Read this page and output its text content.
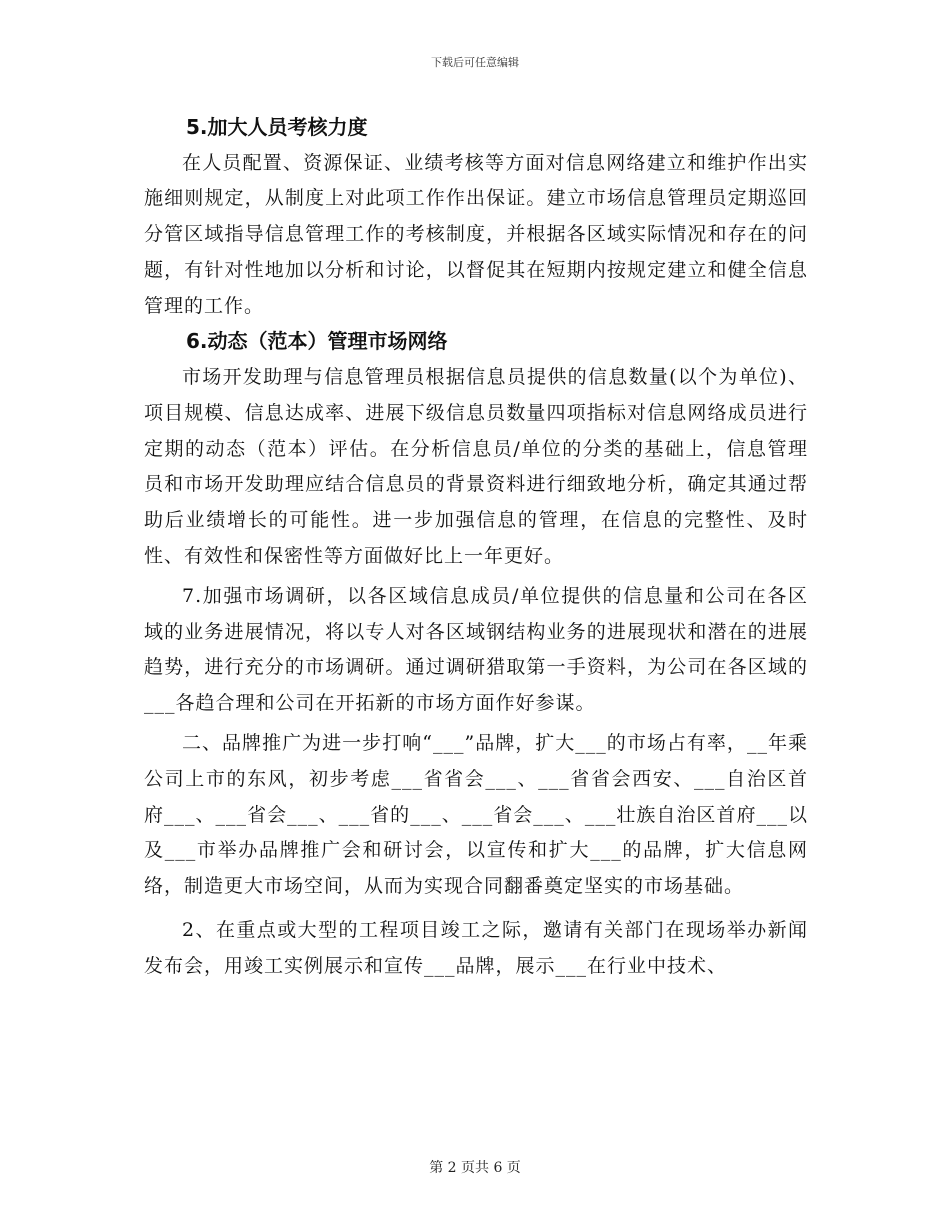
下载后可任意编辑

5.加大人员考核力度

在人员配置、资源保证、业绩考核等方面对信息网络建立和维护作出实施细则规定，从制度上对此项工作作出保证。建立市场信息管理员定期巡回分管区域指导信息管理工作的考核制度，并根据各区域实际情况和存在的问题，有针对性地加以分析和讨论，以督促其在短期内按规定建立和健全信息管理的工作。

6.动态（范本）管理市场网络

市场开发助理与信息管理员根据信息员提供的信息数量(以个为单位)、项目规模、信息达成率、进展下级信息员数量四项指标对信息网络成员进行定期的动态（范本）评估。在分析信息员/单位的分类的基础上，信息管理员和市场开发助理应结合信息员的背景资料进行细致地分析，确定其通过帮助后业绩增长的可能性。进一步加强信息的管理，在信息的完整性、及时性、有效性和保密性等方面做好比上一年更好。

7.加强市场调研，以各区域信息成员/单位提供的信息量和公司在各区域的业务进展情况，将以专人对各区域钢结构业务的进展现状和潜在的进展趋势，进行充分的市场调研。通过调研猎取第一手资料，为公司在各区域的___各趋合理和公司在开拓新的市场方面作好参谋。

二、品牌推广为进一步打响“___”品牌，扩大___的市场占有率，__年乘公司上市的东风，初步考虑___省省会___、___省省会西安、___自治区首府___、___省会___、___省的___、___省会___、___壮族自治区首府___以及___市举办品牌推广会和研讨会，以宣传和扩大___的品牌，扩大信息网络，制造更大市场空间，从而为实现合同翻番奠定坚实的市场基础。

2、在重点或大型的工程项目竣工之际，邀请有关部门在现场举办新闻发布会，用竣工实例展示和宣传___品牌，展示___在行业中技术、

第 2 页共 6 页
